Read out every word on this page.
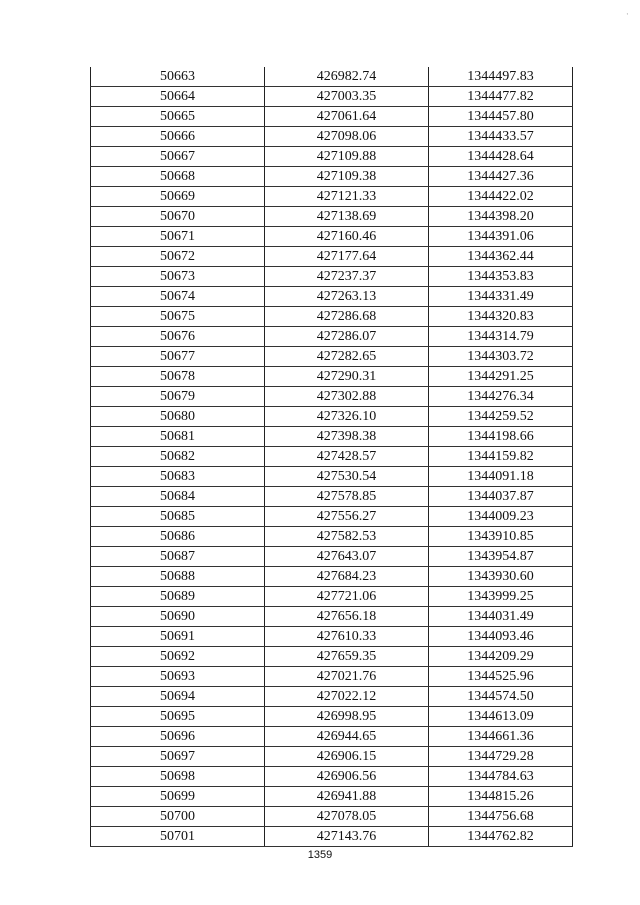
'
50663	426982.74	1344497.83
50664	427003.35	1344477.82
50665	427061.64	1344457.80
50666	427098.06	1344433.57
50667	427109.88	1344428.64
50668	427109.38	1344427.36
50669	427121.33	1344422.02
50670	427138.69	1344398.20
50671	427160.46	1344391.06
50672	427177.64	1344362.44
50673	427237.37	1344353.83
50674	427263.13	1344331.49
50675	427286.68	1344320.83
50676	427286.07	1344314.79
50677	427282.65	1344303.72
50678	427290.31	1344291.25
50679	427302.88	1344276.34
50680	427326.10	1344259.52
50681	427398.38	1344198.66
50682	427428.57	1344159.82
50683	427530.54	1344091.18
50684	427578.85	1344037.87
50685	427556.27	1344009.23
50686	427582.53	1343910.85
50687	427643.07	1343954.87
50688	427684.23	1343930.60
50689	427721.06	1343999.25
50690	427656.18	1344031.49
50691	427610.33	1344093.46
50692	427659.35	1344209.29
50693	427021.76	1344525.96
50694	427022.12	1344574.50
50695	426998.95	1344613.09
50696	426944.65	1344661.36
50697	426906.15	1344729.28
50698	426906.56	1344784.63
50699	426941.88	1344815.26
50700	427078.05	1344756.68
50701	427143.76	1344762.82
1359
